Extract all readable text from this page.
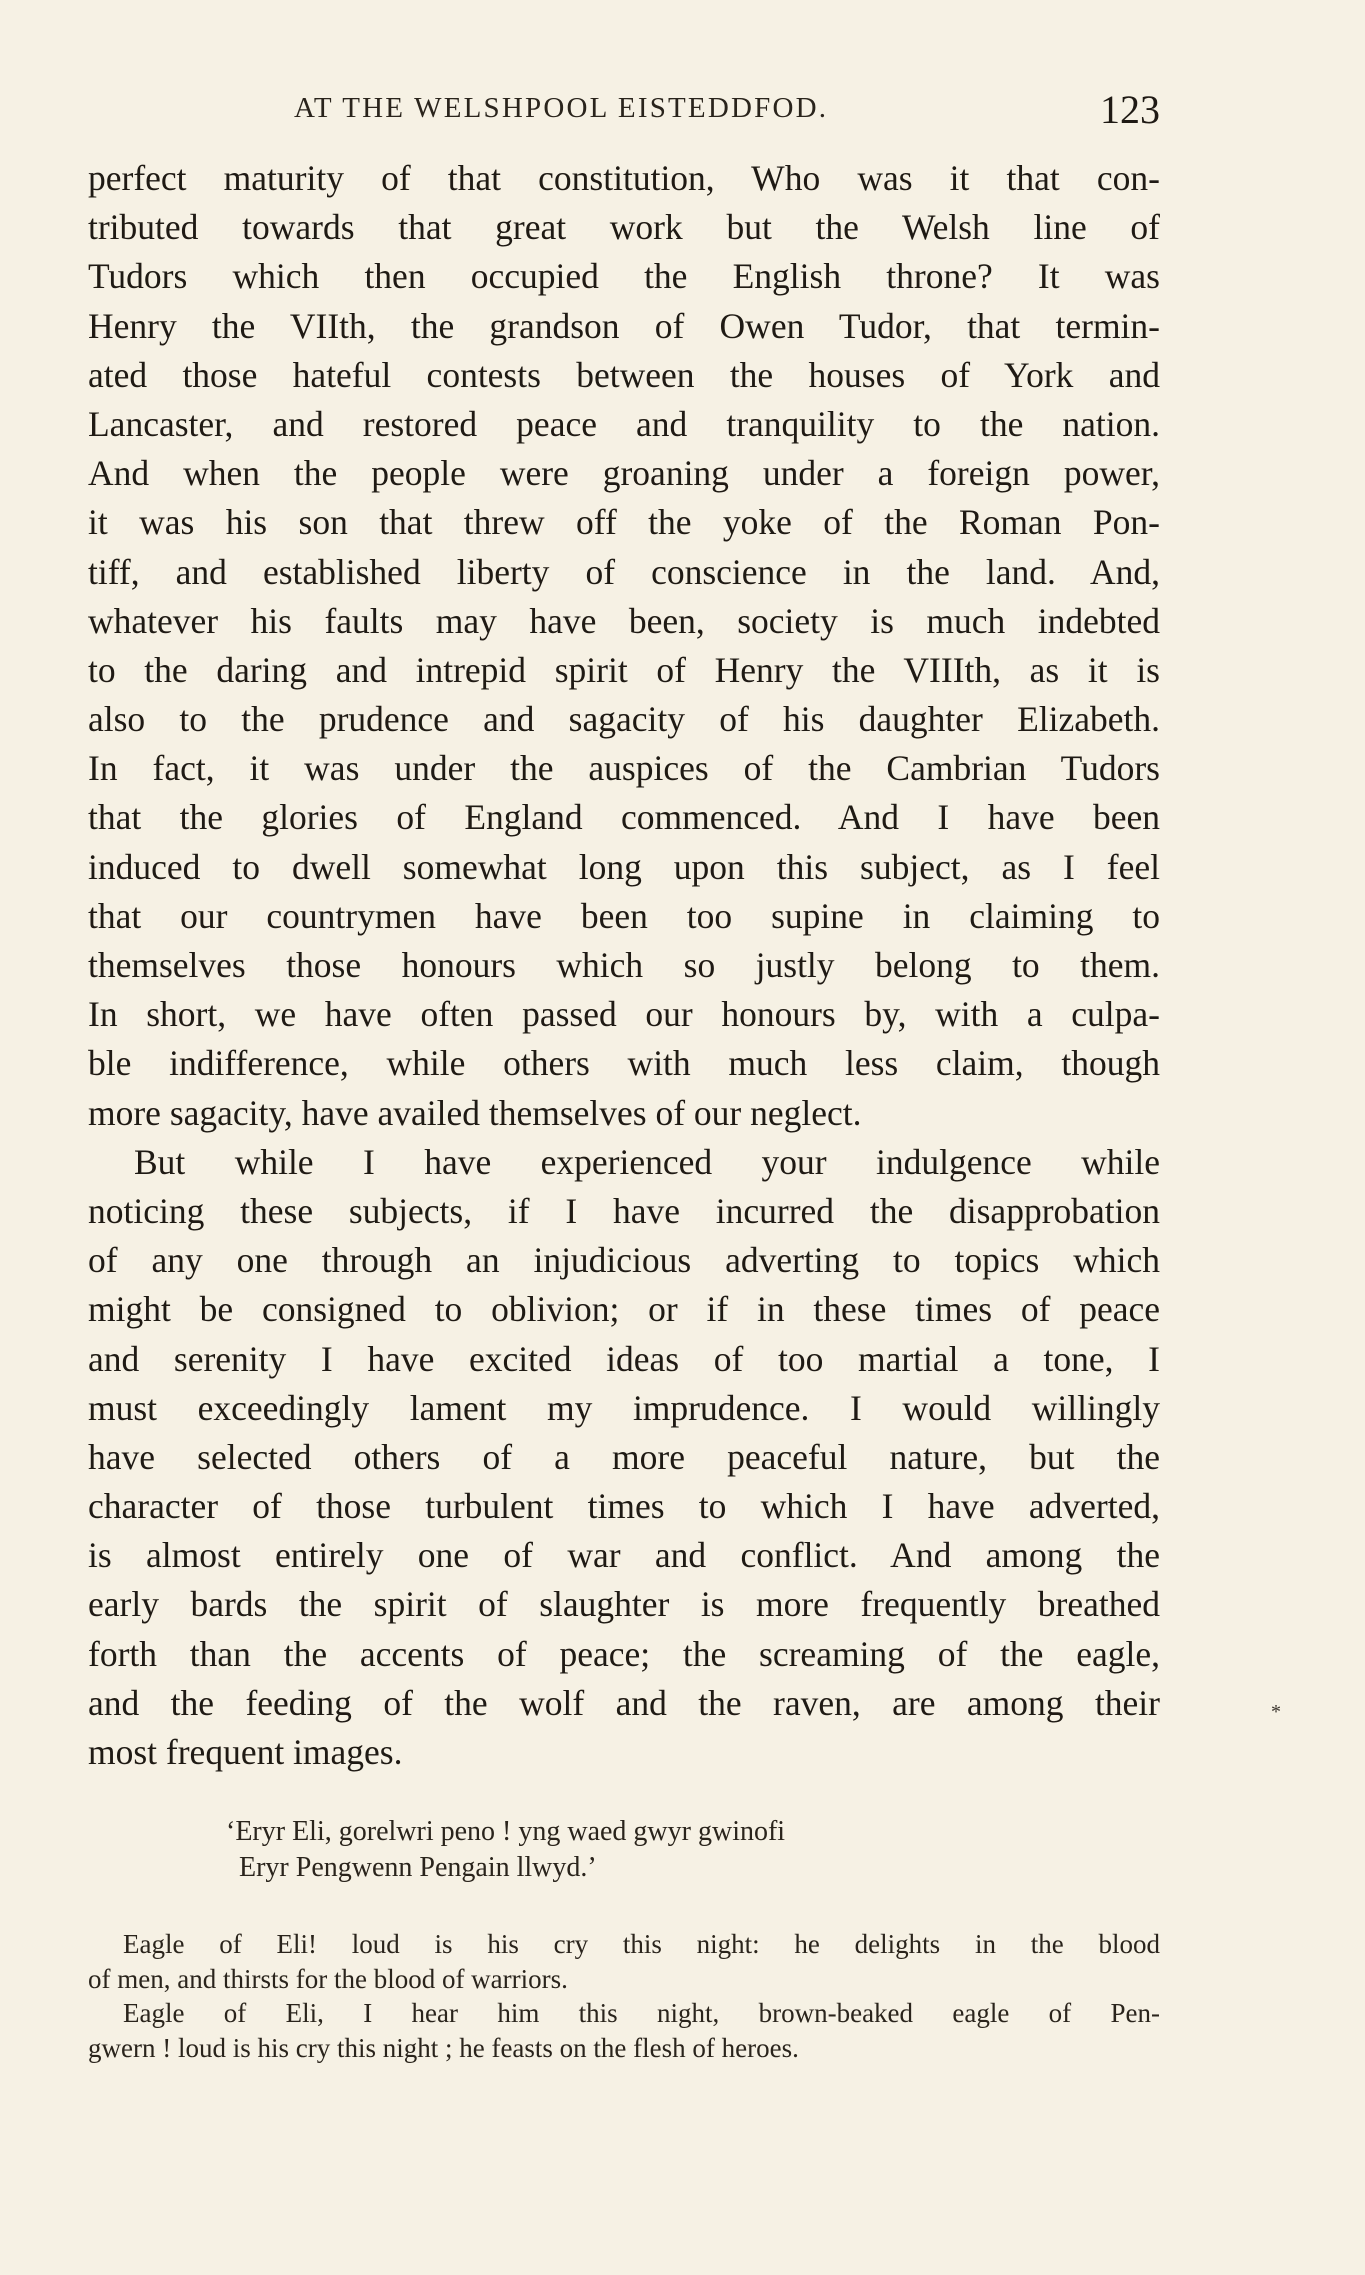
AT THE WELSHPOOL EISTEDDFOD.	123
perfect maturity of that constitution, Who was it that con-
tributed towards that great work but the Welsh line of
Tudors which then occupied the English throne? It was
Henry the VIIth, the grandson of Owen Tudor, that termin-
ated those hateful contests between the houses of York and
Lancaster, and restored peace and tranquility to the nation.
And when the people were groaning under a foreign power,
it was his son that threw off the yoke of the Roman Pon-
tiff, and established liberty of conscience in the land. And,
whatever his faults may have been, society is much indebted
to the daring and intrepid spirit of Henry the VIIIth, as it is
also to the prudence and sagacity of his daughter Elizabeth.
In fact, it was under the auspices of the Cambrian Tudors
that the glories of England commenced. And I have been
induced to dwell somewhat long upon this subject, as I feel
that our countrymen have been too supine in claiming to
themselves those honours which so justly belong to them.
In short, we have often passed our honours by, with a culpa-
ble indifference, while others with much less claim, though
more sagacity, have availed themselves of our neglect.
But while I have experienced your indulgence while
noticing these subjects, if I have incurred the disapprobation
of any one through an injudicious adverting to topics which
might be consigned to oblivion; or if in these times of peace
and serenity I have excited ideas of too martial a tone, I
must exceedingly lament my imprudence. I would willingly
have selected others of a more peaceful nature, but the
character of those turbulent times to which I have adverted,
is almost entirely one of war and conflict. And among the
early bards the spirit of slaughter is more frequently breathed
forth than the accents of peace; the screaming of the eagle,
and the feeding of the wolf and the raven, are among their
most frequent images.
*
‘Eryr Eli, gorelwri peno ! yng waed gwyr gwinofi
Eryr Pengwenn Pengain llwyd.’
Eagle of Eli! loud is his cry this night: he delights in the blood
of men, and thirsts for the blood of warriors.
Eagle of Eli, I hear him this night, brown-beaked eagle of Pen-
gwern ! loud is his cry this night ; he feasts on the flesh of heroes.
